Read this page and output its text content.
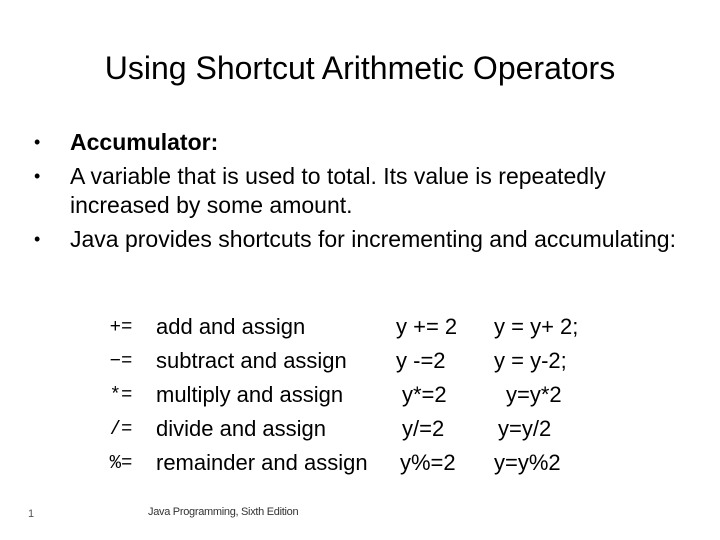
Using Shortcut Arithmetic Operators
•	Accumulator:
•	A variable that is used to total. Its value is repeatedly increased by some amount.
•	Java provides shortcuts for incrementing and accumulating:
+=	add and assign	y += 2	y = y+ 2;
−=	subtract and assign	y -=2	y = y-2;
*=	multiply and assign	y*=2	y=y*2
/=	divide and assign	y/=2	y=y/2
%=	remainder and assign	y%=2	y=y%2
1	Java Programming, Sixth Edition
